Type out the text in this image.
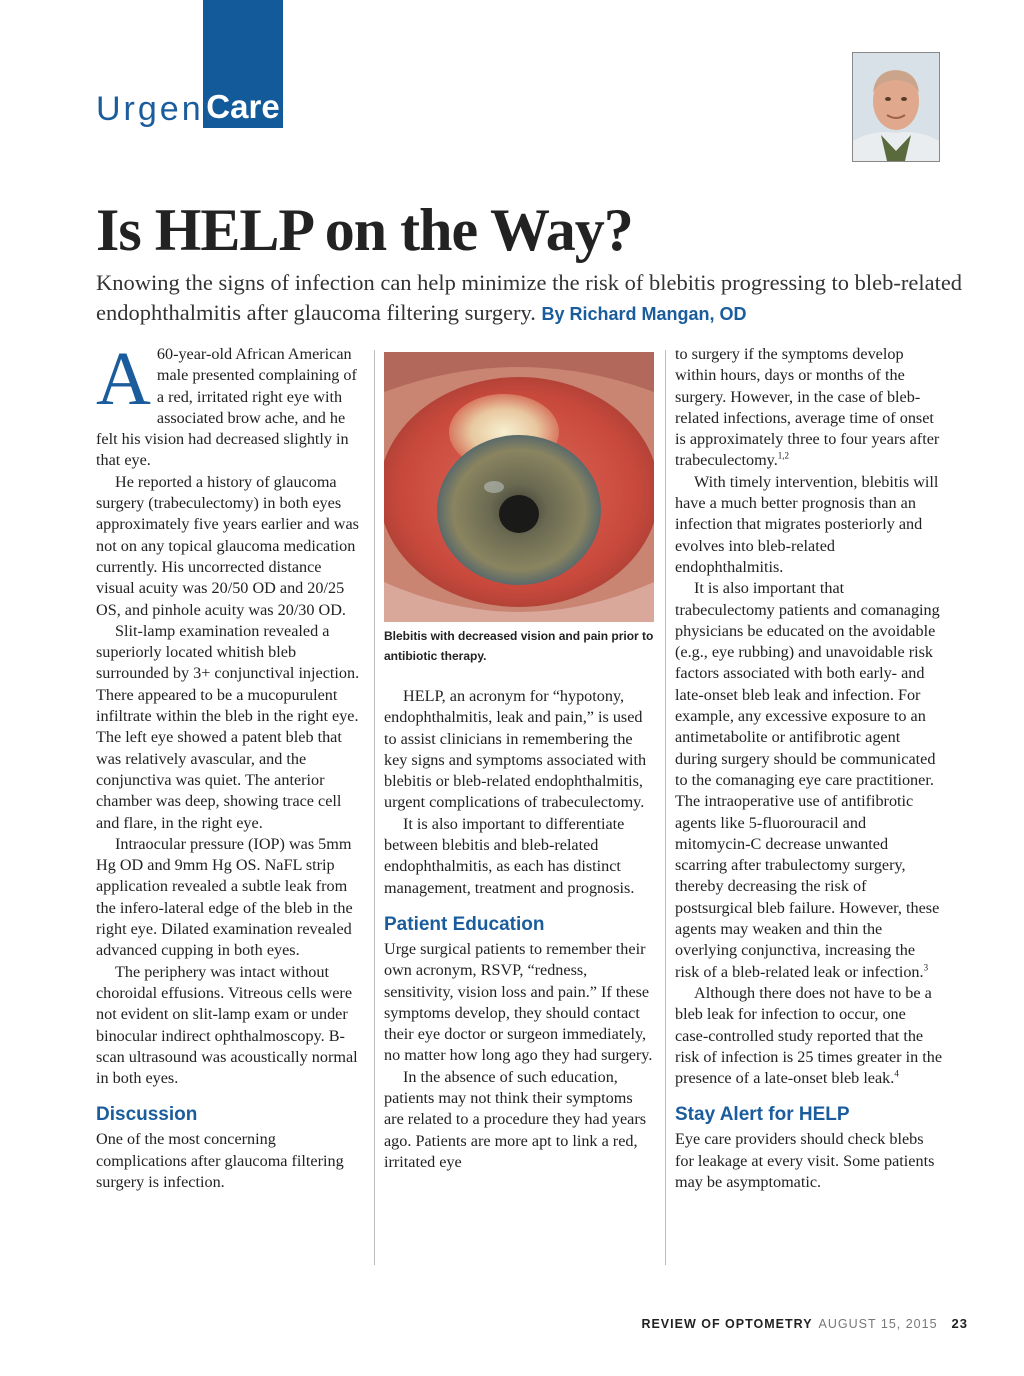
Urgent
Care
Is HELP on the Way?

Knowing the signs of infection can help minimize the risk of blebitis progressing to bleb-related endophthalmitis after glaucoma filtering surgery. By Richard Mangan, OD

A 60-year-old African American male presented complaining of a red, irritated right eye with associated brow ache, and he felt his vision had decreased slightly in that eye.

He reported a history of glaucoma surgery (trabeculectomy) in both eyes approximately five years earlier and was not on any topical glaucoma medication currently. His uncorrected distance visual acuity was 20/50 OD and 20/25 OS, and pinhole acuity was 20/30 OD.

Slit-lamp examination revealed a superiorly located whitish bleb surrounded by 3+ conjunctival injection. There appeared to be a mucopurulent infiltrate within the bleb in the right eye. The left eye showed a patent bleb that was relatively avascular, and the conjunctiva was quiet. The anterior chamber was deep, showing trace cell and flare, in the right eye.

Intraocular pressure (IOP) was 5mm Hg OD and 9mm Hg OS. NaFL strip application revealed a subtle leak from the infero-lateral edge of the bleb in the right eye. Dilated examination revealed advanced cupping in both eyes.

The periphery was intact without choroidal effusions. Vitreous cells were not evident on slit-lamp exam or under binocular indirect ophthalmoscopy. B-scan ultrasound was acoustically normal in both eyes.

Discussion

One of the most concerning complications after glaucoma filtering surgery is infection.

Blebitis with decreased vision and pain prior to antibiotic therapy.

HELP, an acronym for “hypotony, endophthalmitis, leak and pain,” is used to assist clinicians in remembering the key signs and symptoms associated with blebitis or bleb-related endophthalmitis, urgent complications of trabeculectomy.

It is also important to differentiate between blebitis and bleb-related endophthalmitis, as each has distinct management, treatment and prognosis.

Patient Education

Urge surgical patients to remember their own acronym, RSVP, “redness, sensitivity, vision loss and pain.” If these symptoms develop, they should contact their eye doctor or surgeon immediately, no matter how long ago they had surgery.

In the absence of such education, patients may not think their symptoms are related to a procedure they had years ago. Patients are more apt to link a red, irritated eye

to surgery if the symptoms develop within hours, days or months of the surgery. However, in the case of bleb-related infections, average time of onset is approximately three to four years after trabeculectomy.$^{1,2}$

With timely intervention, blebitis will have a much better prognosis than an infection that migrates posteriorly and evolves into bleb-related endophthalmitis.

It is also important that trabeculectomy patients and comanaging physicians be educated on the avoidable (e.g., eye rubbing) and unavoidable risk factors associated with both early- and late-onset bleb leak and infection. For example, any excessive exposure to an antimetabolite or antifibrotic agent during surgery should be communicated to the comanaging eye care practitioner. The intraoperative use of antifibrotic agents like 5-fluorouracil and mitomycin-C decrease unwanted scarring after trabulectomy surgery, thereby decreasing the risk of postsurgical bleb failure. However, these agents may weaken and thin the overlying conjunctiva, increasing the risk of a bleb-related leak or infection.$^3$

Although there does not have to be a bleb leak for infection to occur, one case-controlled study reported that the risk of infection is 25 times greater in the presence of a late-onset bleb leak.$^4$

Stay Alert for HELP

Eye care providers should check blebs for leakage at every visit. Some patients may be asymptomatic.

REVIEW OF OPTOMETRY AUGUST 15, 2015 23
